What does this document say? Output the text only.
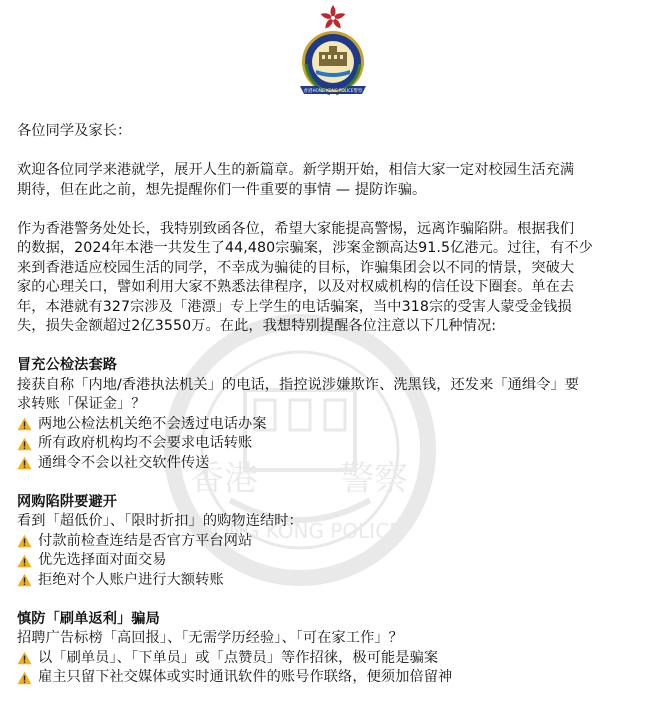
香港 警察
HONG KONG POLICE
HONG KONG POLICE
香港	警察

各位同学及家长：

欢迎各位同学来港就学，展开人生的新篇章。新学期开始，相信大家一定对校园生活充满

期待，但在此之前，想先提醒你们一件重要的事情 — 提防诈骗。

作为香港警务处处长，我特别致函各位，希望大家能提高警惕，远离诈骗陷阱。根据我们

的数据，2024年本港一共发生了44,480宗骗案，涉案金额高达91.5亿港元。过往，有不少

来到香港适应校园生活的同学，不幸成为骗徒的目标，诈骗集团会以不同的情景，突破大

家的心理关口，譬如利用大家不熟悉法律程序，以及对权威机构的信任设下圈套。单在去

年，本港就有327宗涉及「港漂」专上学生的电话骗案，当中318宗的受害人蒙受金钱损

失，损失金额超过2亿3550万。在此，我想特别提醒各位注意以下几种情况:

冒充公检法套路

接获自称「内地/香港执法机关」的电话，指控说涉嫌欺诈、洗黑钱，还发来「通缉令」要

求转账「保证金」？

两地公检法机关绝不会透过电话办案
所有政府机构均不会要求电话转账
通缉令不会以社交软件传送

网购陷阱要避开

看到「超低价」、「限时折扣」的购物连结时：

付款前检查连结是否官方平台网站
优先选择面对面交易
拒绝对个人账户进行大额转账

慎防「刷单返利」骗局

招聘广告标榜「高回报」、「无需学历经验」、「可在家工作」？

以「刷单员」、「下单员」或「点赞员」等作招徕，极可能是骗案
雇主只留下社交媒体或实时通讯软件的账号作联络，便须加倍留神
